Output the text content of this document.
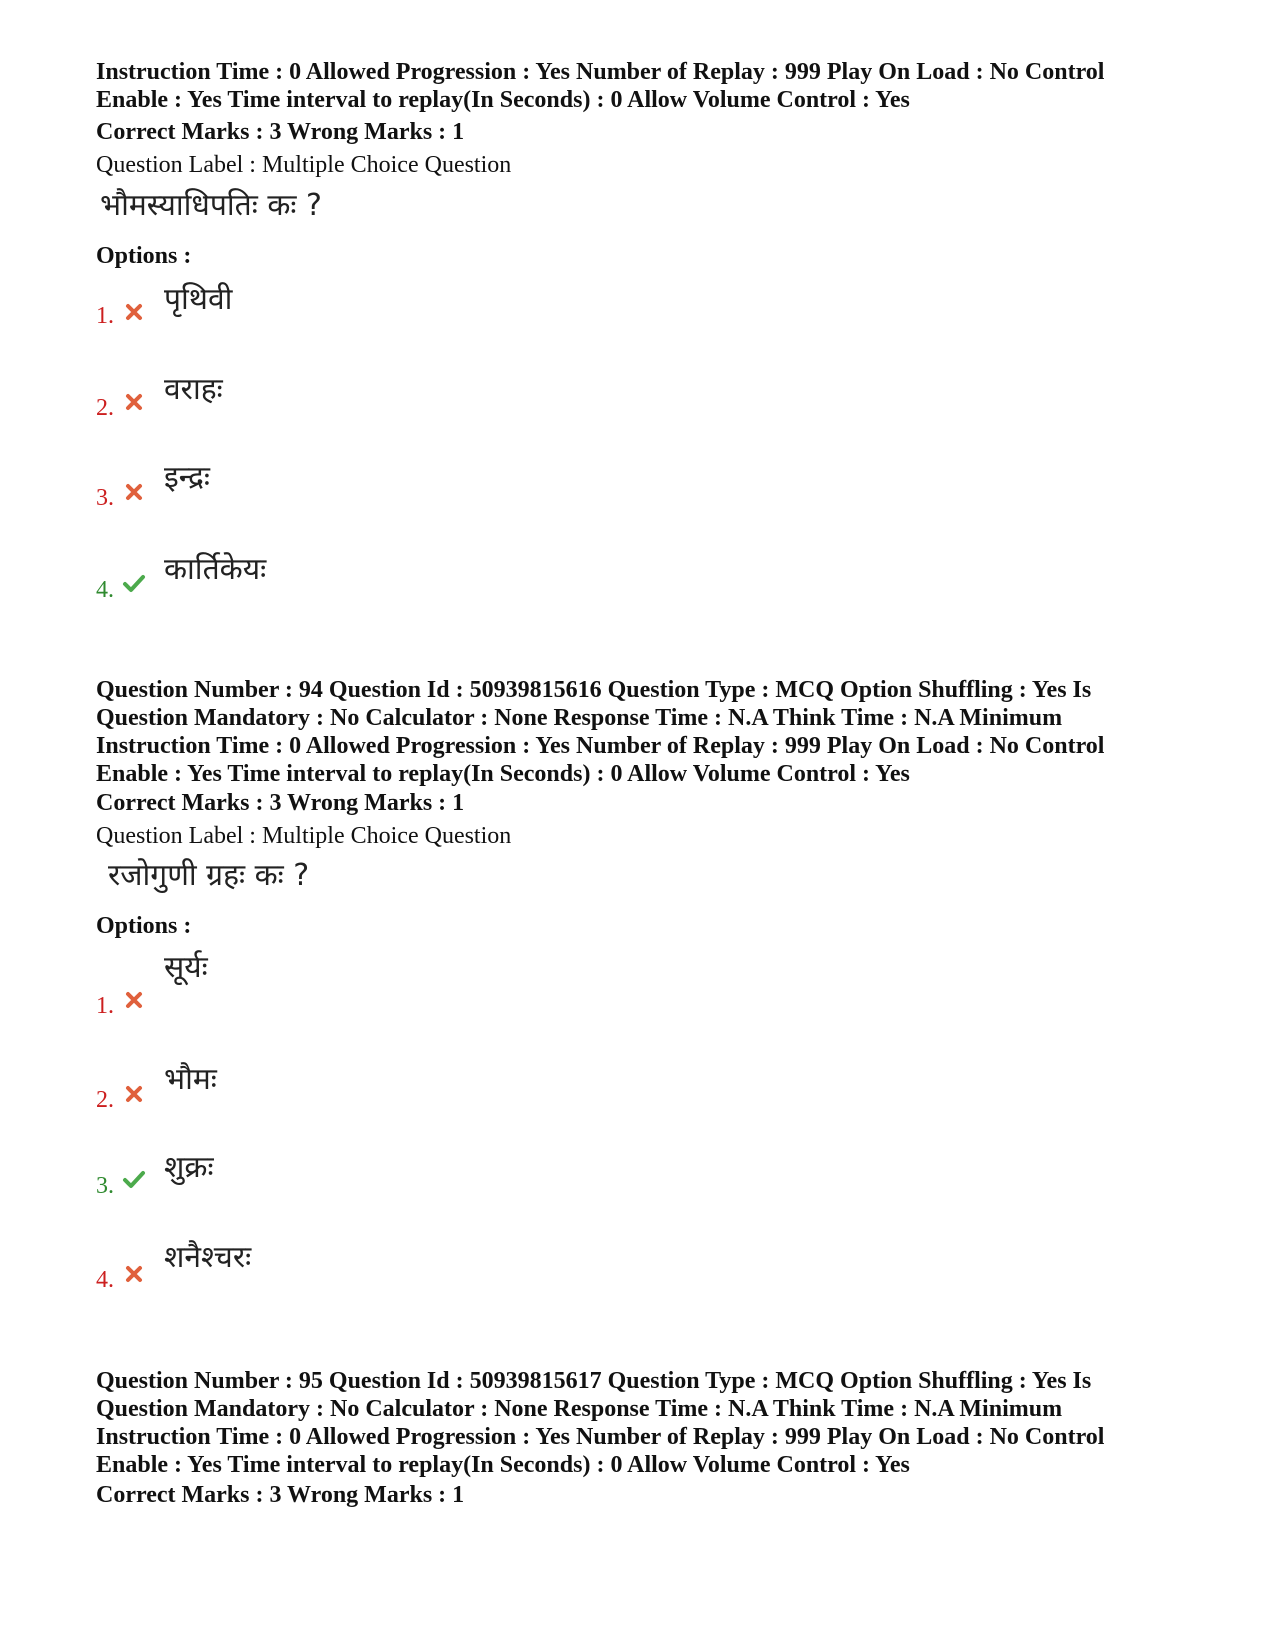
Instruction Time : 0 Allowed Progression : Yes Number of Replay : 999 Play On Load : No Control
Enable : Yes Time interval to replay(In Seconds) : 0 Allow Volume Control : Yes
Correct Marks : 3 Wrong Marks : 1
Question Label : Multiple Choice Question
भौमस्याधिपतिः कः ?
Options :
1. पृथिवी
2.
वराहः
3.
इन्द्रः
4.
कार्तिकेयः
Question Number : 94 Question Id : 50939815616 Question Type : MCQ Option Shuffling : Yes Is
Question Mandatory : No Calculator : None Response Time : N.A Think Time : N.A Minimum
Instruction Time : 0 Allowed Progression : Yes Number of Replay : 999 Play On Load : No Control
Enable : Yes Time interval to replay(In Seconds) : 0 Allow Volume Control : Yes
Correct Marks : 3 Wrong Marks : 1
Question Label : Multiple Choice Question
रजोगुणी ग्रहः कः ?
Options :
1.
सूर्यः
2.
भौमः
3.
शुक्रः
4.
शनैश्चरः
Question Number : 95 Question Id : 50939815617 Question Type : MCQ Option Shuffling : Yes Is
Question Mandatory : No Calculator : None Response Time : N.A Think Time : N.A Minimum
Instruction Time : 0 Allowed Progression : Yes Number of Replay : 999 Play On Load : No Control
Enable : Yes Time interval to replay(In Seconds) : 0 Allow Volume Control : Yes
Correct Marks : 3 Wrong Marks : 1
